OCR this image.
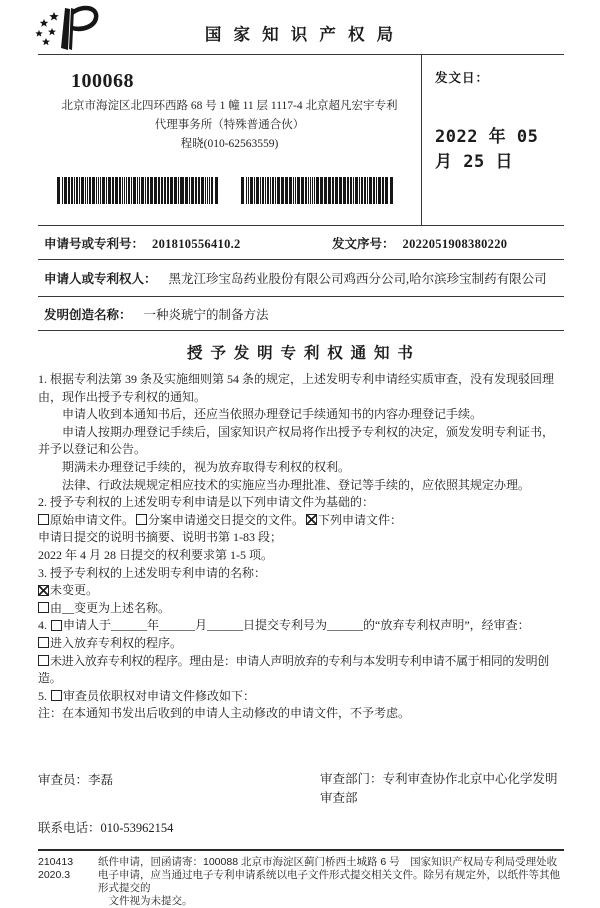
国 家 知 识 产 权 局
100068
北京市海淀区北四环西路 68 号 1 幢 11 层 1117-4 北京超凡宏宇专利
代理事务所（特殊普通合伙）
程晓(010-62563559)
发文日：
2022 年 05 月 25 日
申请号或专利号： 201810556410.2	发文序号： 2022051908380220
申请人或专利权人： 黑龙江珍宝岛药业股份有限公司鸡西分公司,哈尔滨珍宝制药有限公司
发明创造名称： 一种炎琥宁的制备方法
授 予 发 明 专 利 权 通 知 书

1. 根据专利法第 39 条及实施细则第 54 条的规定，上述发明专利申请经实质审查，没有发现驳回理由，现作出授予专利权的通知。

申请人收到本通知书后，还应当依照办理登记手续通知书的内容办理登记手续。

申请人按期办理登记手续后，国家知识产权局将作出授予专利权的决定，颁发发明专利证书，并予以登记和公告。

期满未办理登记手续的，视为放弃取得专利权的权利。

法律、行政法规规定相应技术的实施应当办理批准、登记等手续的，应依照其规定办理。

2. 授予专利权的上述发明专利申请是以下列申请文件为基础的：

原始申请文件。 分案申请递交日提交的文件。 下列申请文件：

申请日提交的说明书摘要、说明书第 1-83 段；

2022 年 4 月 28 日提交的权利要求第 1-5 项。

3. 授予专利权的上述发明专利申请的名称：

未变更。

由__变更为上述名称。

4. 申请人于______年______月______日提交专利号为______的“放弃专利权声明”，经审查：

进入放弃专利权的程序。

未进入放弃专利权的程序。理由是：申请人声明放弃的专利与本发明专利申请不属于相同的发明创造。

5. 审查员依职权对申请文件修改如下：

注：在本通知书发出后收到的申请人主动修改的申请文件，不予考虑。

审查员：李磊	审查部门：专利审查协作北京中心化学发明审查部
联系电话：010-53962154
210413
2020.3
纸件申请，回函请寄：100088 北京市海淀区蓟门桥西土城路 6 号　国家知识产权局专利局受理处收
电子申请，应当通过电子专利申请系统以电子文件形式提交相关文件。除另有规定外，以纸件等其他形式提交的
文件视为未提交。
